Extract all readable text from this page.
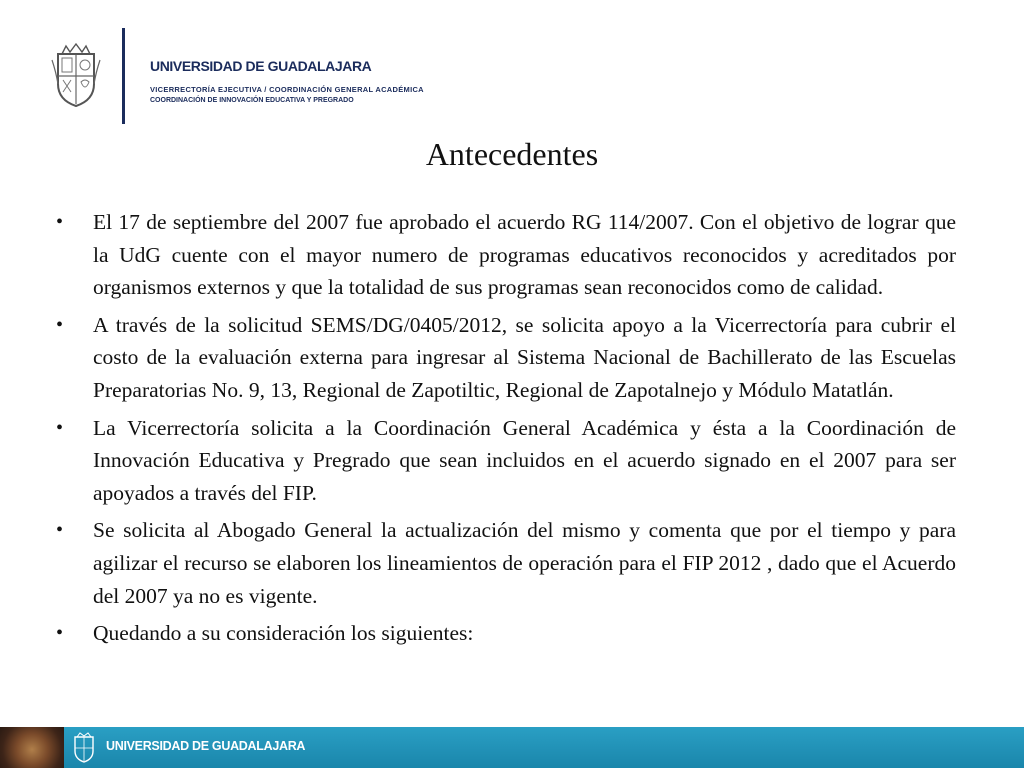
UNIVERSIDAD DE GUADALAJARA
VICERRECTORÍA EJECUTIVA / COORDINACIÓN GENERAL ACADÉMICA
COORDINACIÓN DE INNOVACIÓN EDUCATIVA Y PREGRADO
Antecedentes
• El 17 de septiembre del 2007 fue aprobado el acuerdo RG 114/2007. Con el objetivo de lograr que la UdG cuente con el mayor numero de programas educativos reconocidos y acreditados por organismos externos y que la totalidad de sus programas sean reconocidos como de calidad.
• A través de la solicitud SEMS/DG/0405/2012, se solicita apoyo a la Vicerrectoría para cubrir el costo de la evaluación externa para ingresar al Sistema Nacional de Bachillerato de las Escuelas Preparatorias No. 9, 13, Regional de Zapotiltic, Regional de Zapotalnejo y Módulo Matatlán.
• La Vicerrectoría solicita a la Coordinación General Académica y ésta a la Coordinación de Innovación Educativa y Pregrado que sean incluidos en el acuerdo signado en el 2007 para ser apoyados a través del FIP.
• Se solicita al Abogado General la actualización del mismo y comenta que por el tiempo y para agilizar el recurso se elaboren los lineamientos de operación para el FIP 2012 , dado que el Acuerdo del 2007 ya no es vigente.
• Quedando a su consideración los siguientes:
UNIVERSIDAD DE GUADALAJARA
